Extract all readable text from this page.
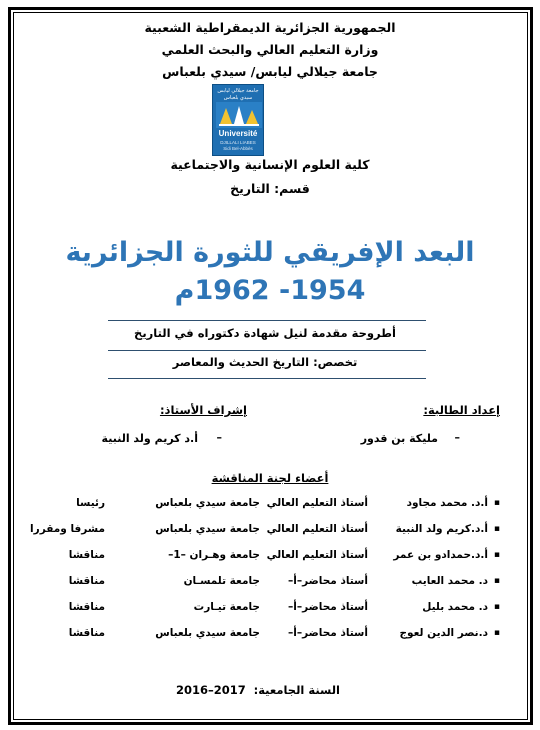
الجمهورية الجزائرية الديمقراطية الشعبية
وزارة التعليم العالي والبحث العلمي
جامعة جيلالي ليابس/ سيدي بلعباس
جامعة جيلالي ليابس
سيدي بلعباس
Université
DJILLALI LIABES
Sidi Bel-Abbès
كلية العلوم الإنسانية والاجتماعية
قسم: التاريخ
البعد الإفريقي للثورة الجزائرية
1954- 1962م
أطروحة مقدمة لنيل شهادة دكتوراه في التاريخ
تخصص: التاريخ الحديث والمعاصر
إعداد الطالبة:
إشراف الأستاذ:
–
مليكة بن قدور
–
أ.د كريم ولد النبية
أعضاء لجنة المناقشة
▪
أ.د. محمد مجاود
أستاذ التعليم العالي
جامعة سيدي بلعباس
رئيسا
▪
أ.د.كريم ولد النبية
أستاذ التعليم العالي
جامعة سيدي بلعباس
مشرفا ومقررا
▪
أ.د.حمدادو بن عمر
أستاذ التعليم العالي
جامعة وهـران –1–
مناقشا
▪
د. محمد العايب
أستاذ محاضر–أ–
جامعة تلمسـان
مناقشا
▪
د. محمد بليل
أستاذ محاضر–أ–
جامعة تيـارت
مناقشا
▪
د.نصر الدين لعوج
أستاذ محاضر–أ–
جامعة سيدي بلعباس
مناقشا
السنة الجامعية:
2016–2017
